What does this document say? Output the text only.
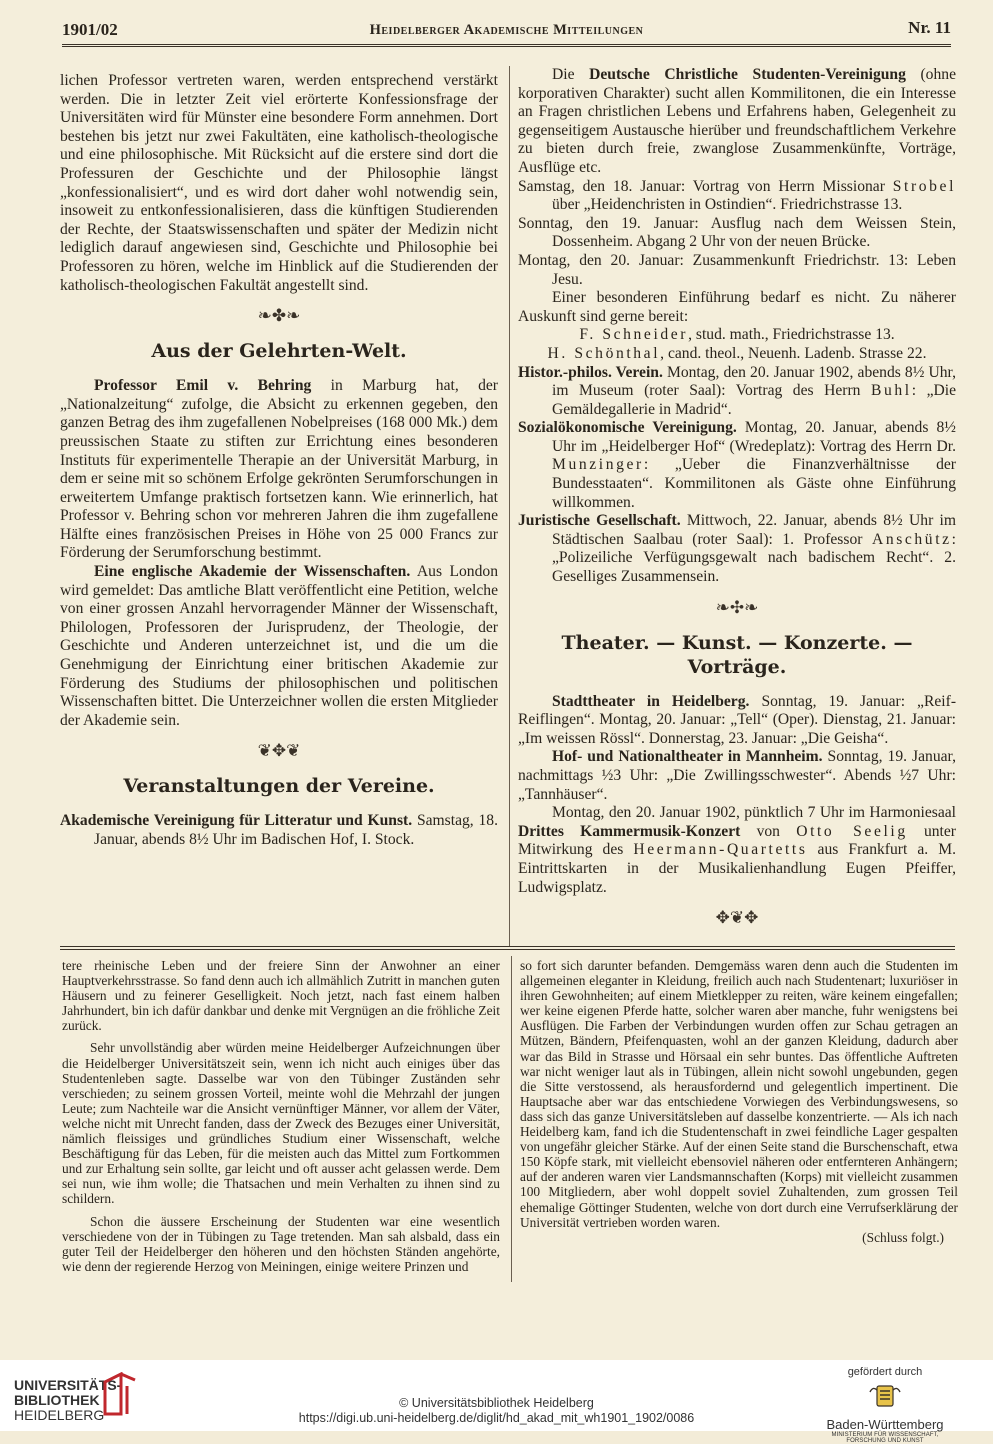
1901/02	Heidelberger Akademische Mitteilungen	Nr. 11

lichen Professor vertreten waren, werden entsprechend verstärkt werden. Die in letzter Zeit viel erörterte Konfessionsfrage der Universitäten wird für Münster eine besondere Form annehmen. Dort bestehen bis jetzt nur zwei Fakultäten, eine katholisch-theologische und eine philosophische. Mit Rücksicht auf die erstere sind dort die Professuren der Geschichte und der Philosophie längst „konfessionalisiert“, und es wird dort daher wohl notwendig sein, insoweit zu entkonfessionalisieren, dass die künftigen Studierenden der Rechte, der Staatswissenschaften und später der Medizin nicht lediglich darauf angewiesen sind, Geschichte und Philosophie bei Professoren zu hören, welche im Hinblick auf die Studierenden der katholisch-theologischen Fakultät angestellt sind.

❧✤❧
Aus der Gelehrten-Welt.

Professor Emil v. Behring in Marburg hat, der „Nationalzeitung“ zufolge, die Absicht zu erkennen gegeben, den ganzen Betrag des ihm zugefallenen Nobelpreises (168 000 Mk.) dem preussischen Staate zu stiften zur Errichtung eines besonderen Instituts für experimentelle Therapie an der Universität Marburg, in dem er seine mit so schönem Erfolge gekrönten Serumforschungen in erweitertem Umfange praktisch fortsetzen kann. Wie erinnerlich, hat Professor v. Behring schon vor mehreren Jahren die ihm zugefallene Hälfte eines französischen Preises in Höhe von 25 000 Francs zur Förderung der Serumforschung bestimmt.

Eine englische Akademie der Wissenschaften. Aus London wird gemeldet: Das amtliche Blatt veröffentlicht eine Petition, welche von einer grossen Anzahl hervorragender Männer der Wissenschaft, Philologen, Professoren der Jurisprudenz, der Theologie, der Geschichte und Anderen unterzeichnet ist, und die um die Genehmigung der Einrichtung einer britischen Akademie zur Förderung des Studiums der philosophischen und politischen Wissenschaften bittet. Die Unterzeichner wollen die ersten Mitglieder der Akademie sein.

❦✥❦
Veranstaltungen der Vereine.

Akademische Vereinigung für Litteratur und Kunst. Samstag, 18. Januar, abends 8½ Uhr im Badischen Hof, I. Stock.

Die Deutsche Christliche Studenten-Vereinigung (ohne korporativen Charakter) sucht allen Kommilitonen, die ein Interesse an Fragen christlichen Lebens und Erfahrens haben, Gelegenheit zu gegenseitigem Austausche hierüber und freundschaftlichem Verkehre zu bieten durch freie, zwanglose Zusammenkünfte, Vorträge, Ausflüge etc.

Samstag, den 18. Januar: Vortrag von Herrn Missionar Strobel über „Heidenchristen in Ostindien“. Friedrichstrasse 13.

Sonntag, den 19. Januar: Ausflug nach dem Weissen Stein, Dossenheim. Abgang 2 Uhr von der neuen Brücke.

Montag, den 20. Januar: Zusammenkunft Friedrichstr. 13: Leben Jesu.

Einer besonderen Einführung bedarf es nicht. Zu näherer Auskunft sind gerne bereit:

F. Schneider, stud. math., Friedrichstrasse 13.

H. Schönthal, cand. theol., Neuenh. Ladenb. Strasse 22.

Histor.-philos. Verein. Montag, den 20. Januar 1902, abends 8½ Uhr, im Museum (roter Saal): Vortrag des Herrn Buhl: „Die Gemäldegallerie in Madrid“.

Sozialökonomische Vereinigung. Montag, 20. Januar, abends 8½ Uhr im „Heidelberger Hof“ (Wredeplatz): Vortrag des Herrn Dr. Munzinger: „Ueber die Finanzverhältnisse der Bundesstaaten“. Kommilitonen als Gäste ohne Einführung willkommen.

Juristische Gesellschaft. Mittwoch, 22. Januar, abends 8½ Uhr im Städtischen Saalbau (roter Saal): 1. Professor Anschütz: „Polizeiliche Verfügungsgewalt nach badischem Recht“. 2. Geselliges Zusammensein.

❧✣❧
Theater. — Kunst. — Konzerte. — Vorträge.

Stadttheater in Heidelberg. Sonntag, 19. Januar: „Reif-Reiflingen“. Montag, 20. Januar: „Tell“ (Oper). Dienstag, 21. Januar: „Im weissen Rössl“. Donnerstag, 23. Januar: „Die Geisha“.

Hof- und Nationaltheater in Mannheim. Sonntag, 19. Januar, nachmittags ½3 Uhr: „Die Zwillingsschwester“. Abends ½7 Uhr: „Tannhäuser“.

Montag, den 20. Januar 1902, pünktlich 7 Uhr im Harmoniesaal Drittes Kammermusik-Konzert von Otto Seelig unter Mitwirkung des Heermann-Quartetts aus Frankfurt a. M. Eintrittskarten in der Musikalienhandlung Eugen Pfeiffer, Ludwigsplatz.

✥❦✥

tere rheinische Leben und der freiere Sinn der Anwohner an einer Hauptverkehrsstrasse. So fand denn auch ich allmählich Zutritt in manchen guten Häusern und zu feinerer Geselligkeit. Noch jetzt, nach fast einem halben Jahrhundert, bin ich dafür dankbar und denke mit Vergnügen an die fröhliche Zeit zurück.

Sehr unvollständig aber würden meine Heidelberger Aufzeichnungen über die Heidelberger Universitätszeit sein, wenn ich nicht auch einiges über das Studentenleben sagte. Dasselbe war von den Tübinger Zuständen sehr verschieden; zu seinem grossen Vorteil, meinte wohl die Mehrzahl der jungen Leute; zum Nachteile war die Ansicht vernünftiger Männer, vor allem der Väter, welche nicht mit Unrecht fanden, dass der Zweck des Bezuges einer Universität, nämlich fleissiges und gründliches Studium einer Wissenschaft, welche Beschäftigung für das Leben, für die meisten auch das Mittel zum Fortkommen und zur Erhaltung sein sollte, gar leicht und oft ausser acht gelassen werde. Dem sei nun, wie ihm wolle; die Thatsachen und mein Verhalten zu ihnen sind zu schildern.

Schon die äussere Erscheinung der Studenten war eine wesentlich verschiedene von der in Tübingen zu Tage tretenden. Man sah alsbald, dass ein guter Teil der Heidelberger den höheren und den höchsten Ständen angehörte, wie denn der regierende Herzog von Meiningen, einige weitere Prinzen und

so fort sich darunter befanden. Demgemäss waren denn auch die Studenten im allgemeinen eleganter in Kleidung, freilich auch nach Studentenart; luxuriöser in ihren Gewohnheiten; auf einem Mietklepper zu reiten, wäre keinem eingefallen; wer keine eigenen Pferde hatte, solcher waren aber manche, fuhr wenigstens bei Ausflügen. Die Farben der Verbindungen wurden offen zur Schau getragen an Mützen, Bändern, Pfeifenquasten, wohl an der ganzen Kleidung, dadurch aber war das Bild in Strasse und Hörsaal ein sehr buntes. Das öffentliche Auftreten war nicht weniger laut als in Tübingen, allein nicht sowohl ungebunden, gegen die Sitte verstossend, als herausfordernd und gelegentlich impertinent. Die Hauptsache aber war das entschiedene Vorwiegen des Verbindungswesens, so dass sich das ganze Universitätsleben auf dasselbe konzentrierte. — Als ich nach Heidelberg kam, fand ich die Studentenschaft in zwei feindliche Lager gespalten von ungefähr gleicher Stärke. Auf der einen Seite stand die Burschenschaft, etwa 150 Köpfe stark, mit vielleicht ebensoviel näheren oder entfernteren Anhängern; auf der anderen waren vier Landsmannschaften (Korps) mit vielleicht zusammen 100 Mitgliedern, aber wohl doppelt soviel Zuhaltenden, zum grossen Teil ehemalige Göttinger Studenten, welche von dort durch eine Verrufserklärung der Universität vertrieben worden waren.

(Schluss folgt.)

UNIVERSITÄTS-
BIBLIOTHEK
HEIDELBERG
© Universitätsbibliothek Heidelberg
https://digi.ub.uni-heidelberg.de/diglit/hd_akad_mit_wh1901_1902/0086
gefördert durch
Baden-Württemberg
MINISTERIUM FÜR WISSENSCHAFT, FORSCHUNG UND KUNST
